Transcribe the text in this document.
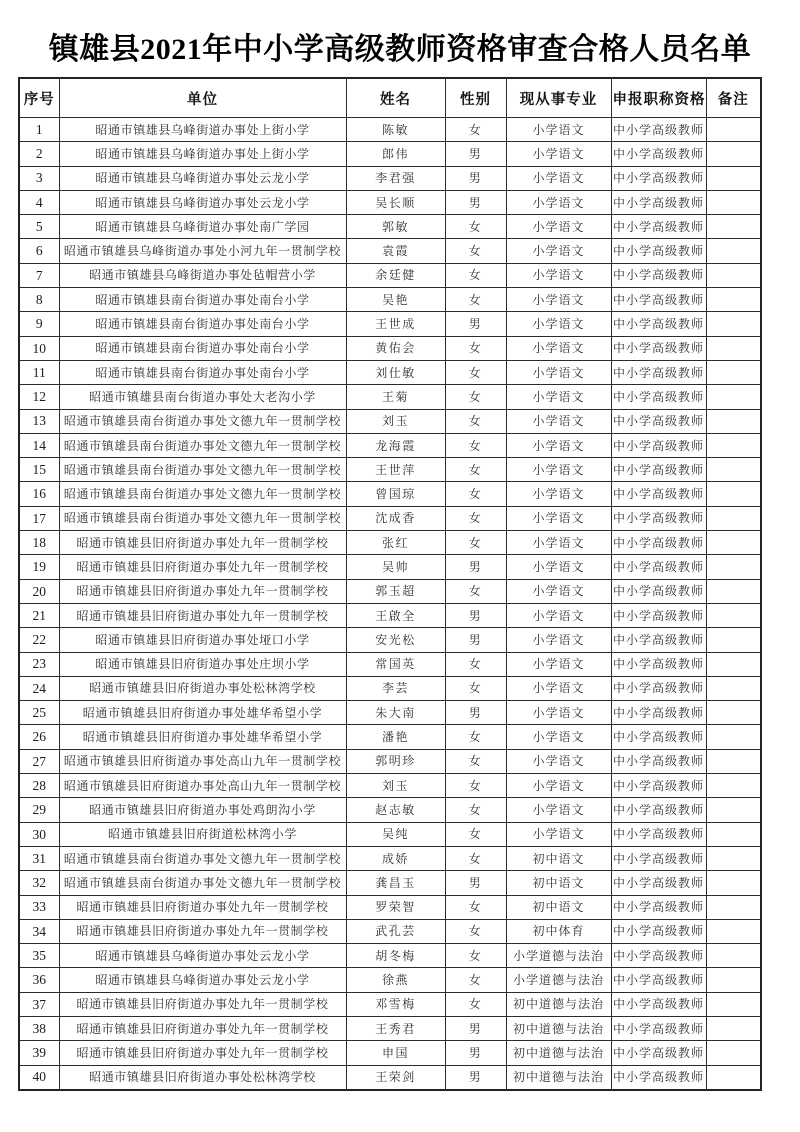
镇雄县2021年中小学高级教师资格审查合格人员名单
序号	单位	姓名	性别	现从事专业	申报职称资格	备注
1	昭通市镇雄县乌峰街道办事处上街小学	陈敏	女	小学语文	中小学高级教师	
2	昭通市镇雄县乌峰街道办事处上街小学	郎伟	男	小学语文	中小学高级教师	
3	昭通市镇雄县乌峰街道办事处云龙小学	李君强	男	小学语文	中小学高级教师	
4	昭通市镇雄县乌峰街道办事处云龙小学	吴长顺	男	小学语文	中小学高级教师	
5	昭通市镇雄县乌峰街道办事处南广学园	郭敏	女	小学语文	中小学高级教师	
6	昭通市镇雄县乌峰街道办事处小河九年一贯制学校	袁霞	女	小学语文	中小学高级教师	
7	昭通市镇雄县乌峰街道办事处毡帽营小学	余廷健	女	小学语文	中小学高级教师	
8	昭通市镇雄县南台街道办事处南台小学	吴艳	女	小学语文	中小学高级教师	
9	昭通市镇雄县南台街道办事处南台小学	王世成	男	小学语文	中小学高级教师	
10	昭通市镇雄县南台街道办事处南台小学	黄佑会	女	小学语文	中小学高级教师	
11	昭通市镇雄县南台街道办事处南台小学	刘仕敏	女	小学语文	中小学高级教师	
12	昭通市镇雄县南台街道办事处大老沟小学	王菊	女	小学语文	中小学高级教师	
13	昭通市镇雄县南台街道办事处文德九年一贯制学校	刘玉	女	小学语文	中小学高级教师	
14	昭通市镇雄县南台街道办事处文德九年一贯制学校	龙海霞	女	小学语文	中小学高级教师	
15	昭通市镇雄县南台街道办事处文德九年一贯制学校	王世萍	女	小学语文	中小学高级教师	
16	昭通市镇雄县南台街道办事处文德九年一贯制学校	曾国琼	女	小学语文	中小学高级教师	
17	昭通市镇雄县南台街道办事处文德九年一贯制学校	沈成香	女	小学语文	中小学高级教师	
18	昭通市镇雄县旧府街道办事处九年一贯制学校	张红	女	小学语文	中小学高级教师	
19	昭通市镇雄县旧府街道办事处九年一贯制学校	吴帅	男	小学语文	中小学高级教师	
20	昭通市镇雄县旧府街道办事处九年一贯制学校	郭玉超	女	小学语文	中小学高级教师	
21	昭通市镇雄县旧府街道办事处九年一贯制学校	王啟全	男	小学语文	中小学高级教师	
22	昭通市镇雄县旧府街道办事处垭口小学	安光松	男	小学语文	中小学高级教师	
23	昭通市镇雄县旧府街道办事处庄坝小学	常国英	女	小学语文	中小学高级教师	
24	昭通市镇雄县旧府街道办事处松林湾学校	李芸	女	小学语文	中小学高级教师	
25	昭通市镇雄县旧府街道办事处雄华希望小学	朱大南	男	小学语文	中小学高级教师	
26	昭通市镇雄县旧府街道办事处雄华希望小学	潘艳	女	小学语文	中小学高级教师	
27	昭通市镇雄县旧府街道办事处高山九年一贯制学校	郭明珍	女	小学语文	中小学高级教师	
28	昭通市镇雄县旧府街道办事处高山九年一贯制学校	刘玉	女	小学语文	中小学高级教师	
29	昭通市镇雄县旧府街道办事处鸡朗沟小学	赵志敏	女	小学语文	中小学高级教师	
30	昭通市镇雄县旧府街道松林湾小学	吴纯	女	小学语文	中小学高级教师	
31	昭通市镇雄县南台街道办事处文德九年一贯制学校	成娇	女	初中语文	中小学高级教师	
32	昭通市镇雄县南台街道办事处文德九年一贯制学校	龚昌玉	男	初中语文	中小学高级教师	
33	昭通市镇雄县旧府街道办事处九年一贯制学校	罗荣智	女	初中语文	中小学高级教师	
34	昭通市镇雄县旧府街道办事处九年一贯制学校	武孔芸	女	初中体育	中小学高级教师	
35	昭通市镇雄县乌峰街道办事处云龙小学	胡冬梅	女	小学道德与法治	中小学高级教师	
36	昭通市镇雄县乌峰街道办事处云龙小学	徐燕	女	小学道德与法治	中小学高级教师	
37	昭通市镇雄县旧府街道办事处九年一贯制学校	邓雪梅	女	初中道德与法治	中小学高级教师	
38	昭通市镇雄县旧府街道办事处九年一贯制学校	王秀君	男	初中道德与法治	中小学高级教师	
39	昭通市镇雄县旧府街道办事处九年一贯制学校	申国	男	初中道德与法治	中小学高级教师	
40	昭通市镇雄县旧府街道办事处松林湾学校	王荣剑	男	初中道德与法治	中小学高级教师	
